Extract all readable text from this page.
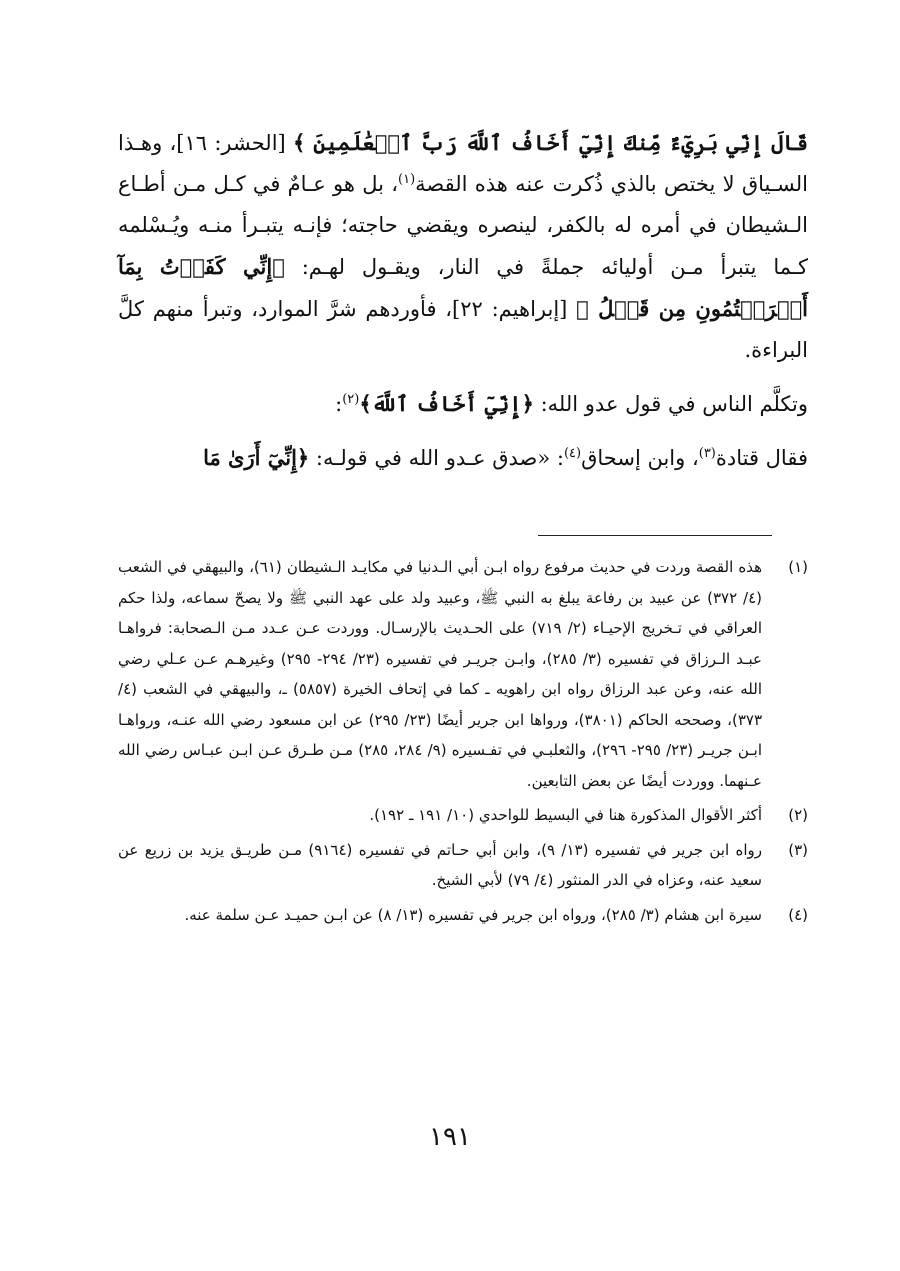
قَالَ إِنِّي بَرِيٓءٌ مِّنكَ إِنِّيٓ أَخَافُ ٱللَّهَ رَبَّ ٱلۡعَٰلَمِينَ ﴾ [الحشر: ١٦]، وهـذا السـياق لا يختص بالذي ذُكرت عنه هذه القصة$^{(١)}$، بل هو عـامٌ في كـل مـن أطـاع الـشيطان في أمره له بالكفر، لينصره ويقضي حاجته؛ فإنـه يتبـرأ منـه ويُـسْلمه كـما يتبرأ مـن أوليائه جملةً في النار، ويقـول لهـم: ﴿إِنِّي كَفَرۡتُ بِمَآ أَشۡرَكۡتُمُونِ مِن قَبۡلُ ﴾ [إبراهيم: ٢٢]، فأوردهم شرَّ الموارد، وتبرأ منهم كلَّ البراءة.

وتكلَّم الناس في قول عدو الله: ﴿إِنِّيٓ أَخَافُ ٱللَّهَ﴾$^{(٢)}$:

فقال قتادة$^{(٣)}$، وابن إسحاق$^{(٤)}$: «صدق عـدو الله في قولـه: ﴿إِنِّيٓ أَرَىٰ مَا

(١)
هذه القصة وردت في حديث مرفوع رواه ابـن أبي الـدنيا في مكايـد الـشيطان (٦١)، والبيهقي في الشعب (٤/ ٣٧٢) عن عبيد بن رفاعة يبلغ به النبي ﷺ، وعبيد ولد على عهد النبي ﷺ ولا يصحّ سماعه، ولذا حكم العراقي في تـخريج الإحيـاء (٢/ ٧١٩) على الحـديث بالإرسـال. ووردت عـن عـدد مـن الـصحابة: فرواهـا عبـد الـرزاق في تفسيره (٣/ ٢٨٥)، وابـن جريـر في تفسيره (٢٣/ ٢٩٤- ٢٩٥) وغيرهـم عـن عـلي رضي الله عنه، وعن عبد الرزاق رواه ابن راهويه ـ كما في إتحاف الخيرة (٥٨٥٧) ـ، والبيهقي في الشعب (٤/ ٣٧٣)، وصححه الحاكم (٣٨٠١)، ورواها ابن جرير أيضًا (٢٣/ ٢٩٥) عن ابن مسعود رضي الله عنـه، ورواهـا ابـن جريـر (٢٣/ ٢٩٥- ٢٩٦)، والثعلبـي في تفـسيره (٩/ ٢٨٤، ٢٨٥) مـن طـرق عـن ابـن عبـاس رضي الله عـنهما. ووردت أيضًا عن بعض التابعين.
(٢)
أكثر الأقوال المذكورة هنا في البسيط للواحدي (١٠/ ١٩١ ـ ١٩٢).
(٣)
رواه ابن جرير في تفسيره (١٣/ ٩)، وابن أبي حـاتم في تفسيره (٩١٦٤) مـن طريـق يزيد بن زريع عن سعيد عنه، وعزاه في الدر المنثور (٤/ ٧٩) لأبي الشيخ.
(٤)
سيرة ابن هشام (٣/ ٢٨٥)، ورواه ابن جرير في تفسيره (١٣/ ٨) عن ابـن حميـد عـن سلمة عنه.
١٩١
